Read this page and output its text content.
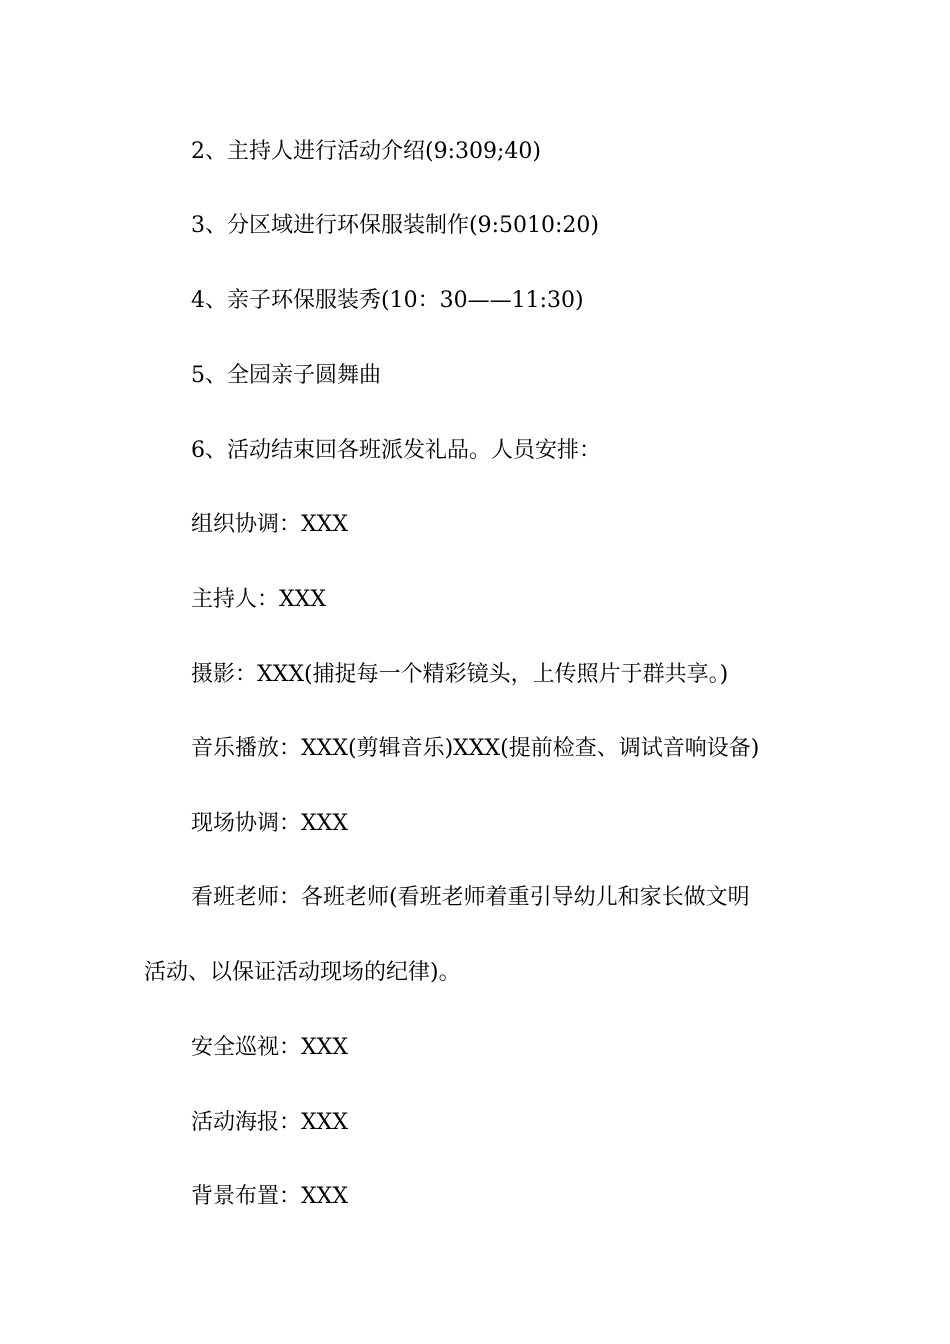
2、主持人进行活动介绍(9:309;40)

3、分区域进行环保服装制作(9:5010:20)

4、亲子环保服装秀(10：30——11:30)

5、全园亲子圆舞曲

6、活动结束回各班派发礼品。人员安排：

组织协调：XXX

主持人：XXX

摄影：XXX(捕捉每一个精彩镜头，上传照片于群共享。)

音乐播放：XXX(剪辑音乐)XXX(提前检查、调试音响设备)

现场协调：XXX

看班老师：各班老师(看班老师着重引导幼儿和家长做文明

活动、以保证活动现场的纪律)。

安全巡视：XXX

活动海报：XXX

背景布置：XXX
